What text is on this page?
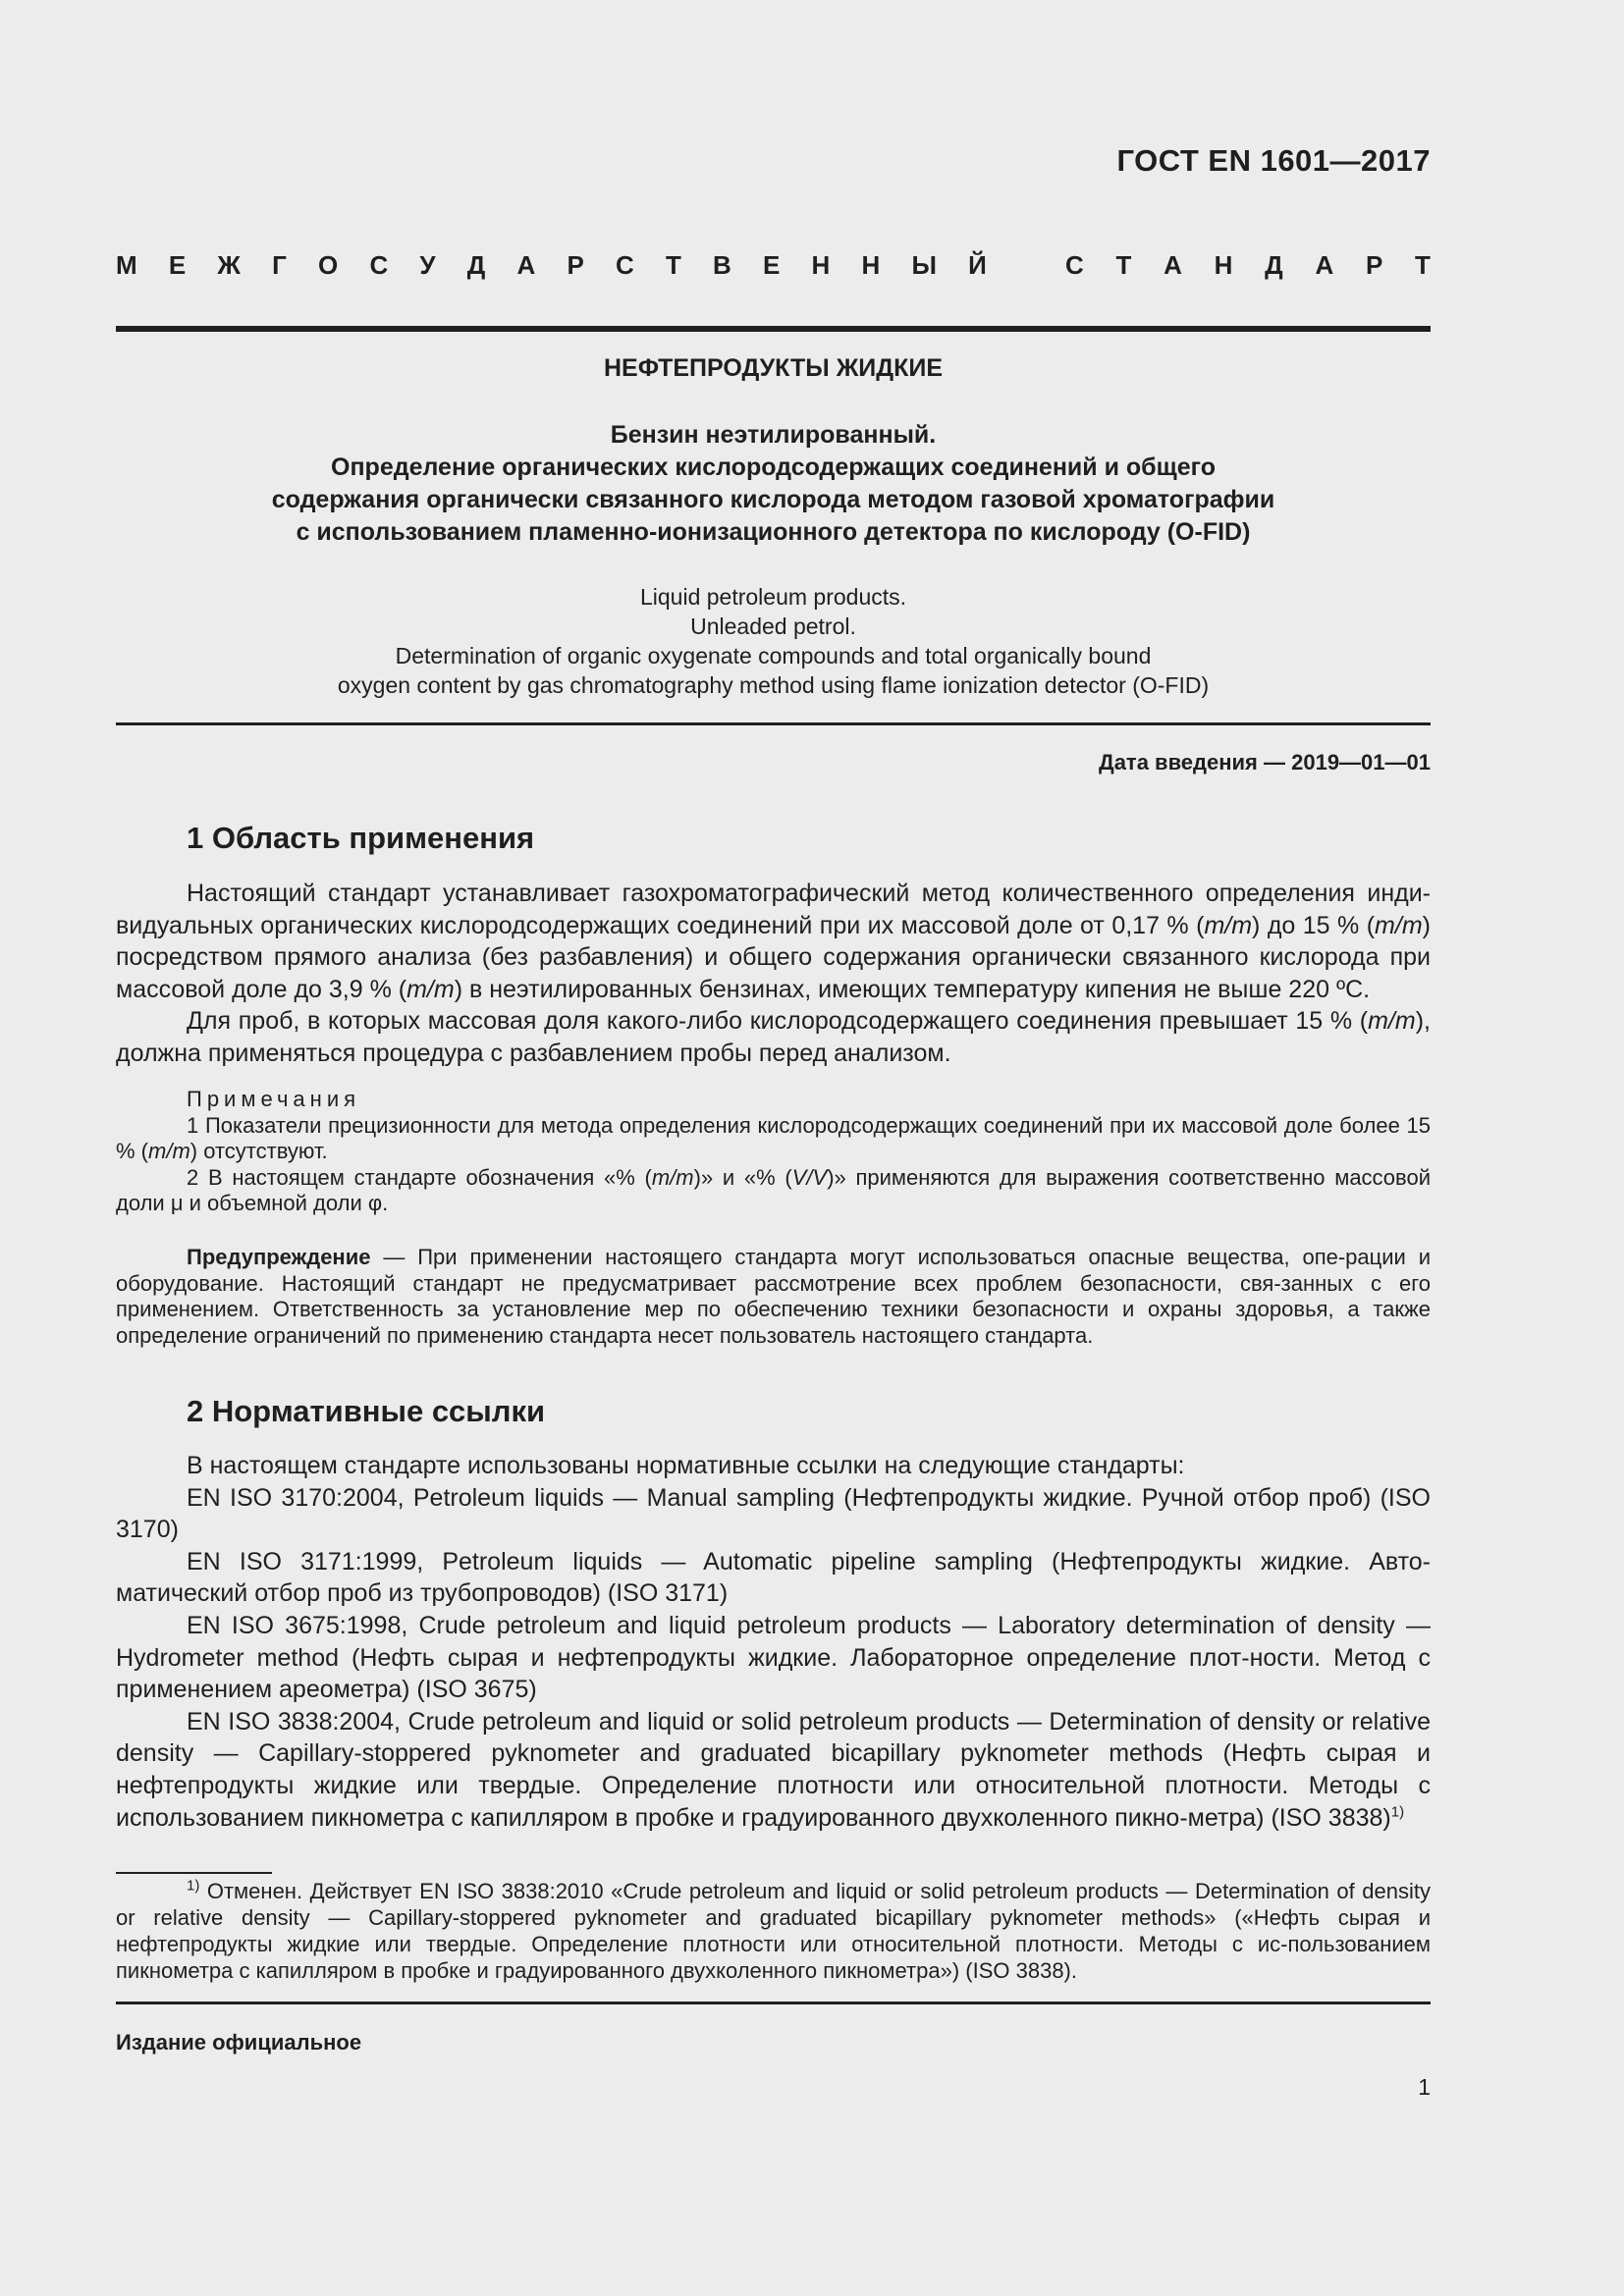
ГОСТ EN 1601—2017
М Е Ж Г О С У Д А Р С Т В Е Н Н Ы Й	С Т А Н Д А Р Т
НЕФТЕПРОДУКТЫ ЖИДКИЕ
Бензин неэтилированный.
Определение органических кислородсодержащих соединений и общего
содержания органически связанного кислорода методом газовой хроматографии
с использованием пламенно-ионизационного детектора по кислороду (O-FID)
Liquid petroleum products.
Unleaded petrol.
Determination of organic oxygenate compounds and total organically bound
oxygen content by gas chromatography method using flame ionization detector (O-FID)
Дата введения — 2019—01—01
1 Область применения

Настоящий стандарт устанавливает газохроматографический метод количественного определения инди-видуальных органических кислородсодержащих соединений при их массовой доле от 0,17 % (m/m) до 15 % (m/m) посредством прямого анализа (без разбавления) и общего содержания органически связанного кислорода при массовой доле до 3,9 % (m/m) в неэтилированных бензинах, имеющих температуру кипения не выше 220 ºС.

Для проб, в которых массовая доля какого-либо кислородсодержащего соединения превышает 15 % (m/m), должна применяться процедура с разбавлением пробы перед анализом.

Примечания

1 Показатели прецизионности для метода определения кислородсодержащих соединений при их массовой доле более 15 % (m/m) отсутствуют.

2 В настоящем стандарте обозначения «% (m/m)» и «% (V/V)» применяются для выражения соответственно массовой доли μ и объемной доли φ.

Предупреждение — При применении настоящего стандарта могут использоваться опасные вещества, опе-рации и оборудование. Настоящий стандарт не предусматривает рассмотрение всех проблем безопасности, свя-занных с его применением. Ответственность за установление мер по обеспечению техники безопасности и охраны здоровья, а также определение ограничений по применению стандарта несет пользователь настоящего стандарта.

2 Нормативные ссылки

В настоящем стандарте использованы нормативные ссылки на следующие стандарты:

EN ISO 3170:2004, Petroleum liquids — Manual sampling (Нефтепродукты жидкие. Ручной отбор проб) (ISO 3170)

EN ISO 3171:1999, Petroleum liquids — Automatic pipeline sampling (Нефтепродукты жидкие. Авто-матический отбор проб из трубопроводов) (ISO 3171)

EN ISO 3675:1998, Crude petroleum and liquid petroleum products — Laboratory determination of density — Hydrometer method (Нефть сырая и нефтепродукты жидкие. Лабораторное определение плот-ности. Метод с применением ареометра) (ISO 3675)

EN ISO 3838:2004, Crude petroleum and liquid or solid petroleum products — Determination of density or relative density — Capillary-stoppered pyknometer and graduated bicapillary pyknometer methods (Нефть сырая и нефтепродукты жидкие или твердые. Определение плотности или относительной плотности. Методы с использованием пикнометра с капилляром в пробке и градуированного двухколенного пикно-метра) (ISO 3838)$^{1)}$

$^{1)}$ Отменен. Действует EN ISO 3838:2010 «Crude petroleum and liquid or solid petroleum products — Determination of density or relative density — Capillary-stoppered pyknometer and graduated bicapillary pyknometer methods» («Нефть сырая и нефтепродукты жидкие или твердые. Определение плотности или относительной плотности. Методы с ис-пользованием пикнометра с капилляром в пробке и градуированного двухколенного пикнометра») (ISO 3838).

Издание официальное
1
